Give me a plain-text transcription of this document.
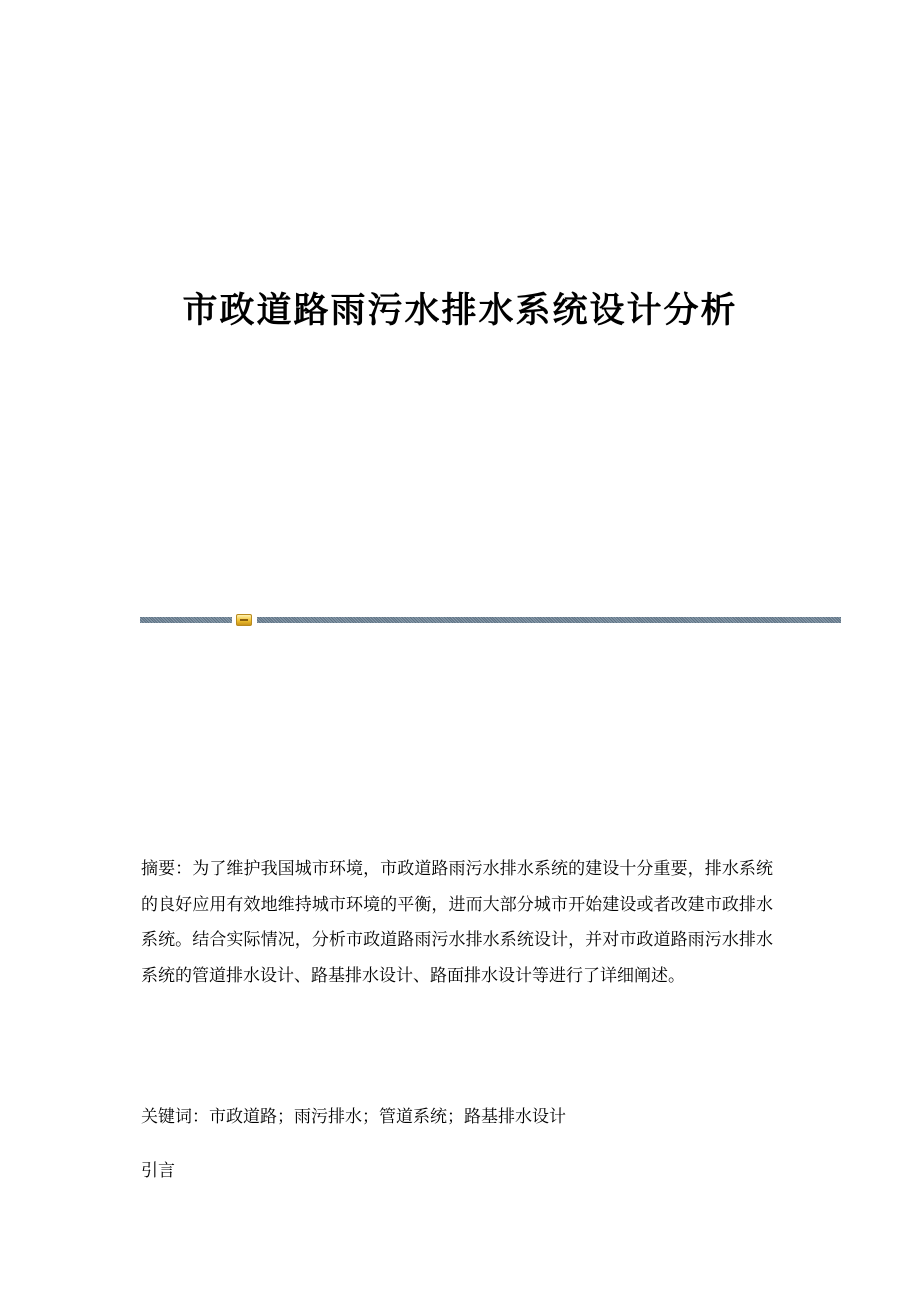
市政道路雨污水排水系统设计分析

摘要：为了维护我国城市环境，市政道路雨污水排水系统的建设十分重要，排水系统的良好应用有效地维持城市环境的平衡，进而大部分城市开始建设或者改建市政排水系统。结合实际情况，分析市政道路雨污水排水系统设计，并对市政道路雨污水排水系统的管道排水设计、路基排水设计、路面排水设计等进行了详细阐述。

关键词：市政道路；雨污排水；管道系统；路基排水设计

引言
